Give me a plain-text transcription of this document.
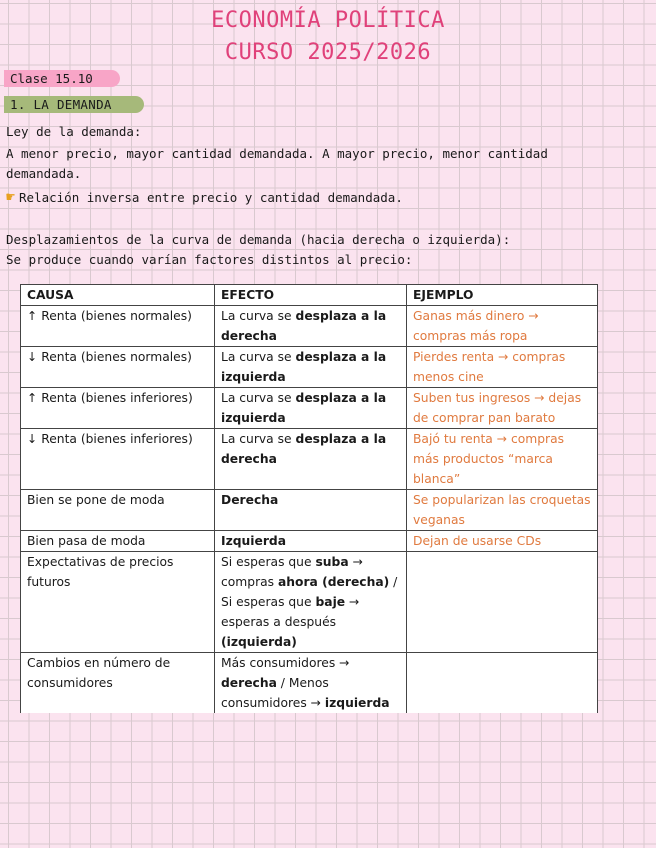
ECONOMÍA POLÍTICA
CURSO 2025/2026
Clase 15.10
1. LA DEMANDA
Ley de la demanda:
A menor precio, mayor cantidad demandada. A mayor precio, menor cantidad
demandada.
☛ Relación inversa entre precio y cantidad demandada.
Desplazamientos de la curva de demanda (hacia derecha o izquierda):
Se produce cuando varían factores distintos al precio:
CAUSA	EFECTO	EJEMPLO
↑ Renta (bienes normales)	La curva se desplaza a la derecha	Ganas más dinero → compras más ropa
↓ Renta (bienes normales)	La curva se desplaza a la izquierda	Pierdes renta → compras menos cine
↑ Renta (bienes inferiores)	La curva se desplaza a la izquierda	Suben tus ingresos → dejas de comprar pan barato
↓ Renta (bienes inferiores)	La curva se desplaza a la derecha	Bajó tu renta → compras más productos “marca blanca”
Bien se pone de moda	Derecha	Se popularizan las croquetas veganas
Bien pasa de moda	Izquierda	Dejan de usarse CDs
Expectativas de precios futuros	Si esperas que suba → compras ahora (derecha) / Si esperas que baje → esperas a después (izquierda)	
Cambios en número de consumidores	Más consumidores → derecha / Menos consumidores → izquierda	
